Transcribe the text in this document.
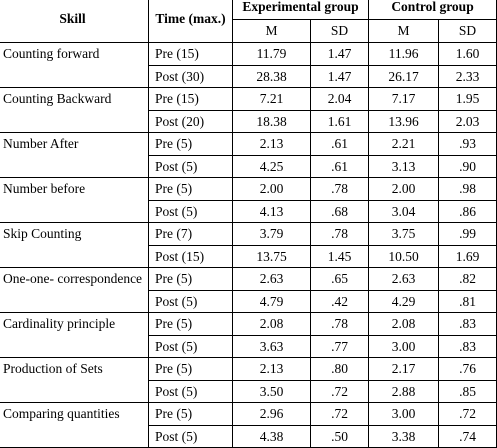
Skill	Time (max.)	Experimental group		Control group	
		M	SD	M	SD
Counting forward	Pre (15)	11.79	1.47	11.96	1.60
	Post (30)	28.38	1.47	26.17	2.33
Counting Backward	Pre (15)	7.21	2.04	7.17	1.95
	Post (20)	18.38	1.61	13.96	2.03
Number After	Pre (5)	2.13	.61	2.21	.93
	Post (5)	4.25	.61	3.13	.90
Number before	Pre (5)	2.00	.78	2.00	.98
	Post (5)	4.13	.68	3.04	.86
Skip Counting	Pre (7)	3.79	.78	3.75	.99
	Post (15)	13.75	1.45	10.50	1.69
One-one- correspondence	Pre (5)	2.63	.65	2.63	.82
	Post (5)	4.79	.42	4.29	.81
Cardinality principle	Pre (5)	2.08	.78	2.08	.83
	Post (5)	3.63	.77	3.00	.83
Production of Sets	Pre (5)	2.13	.80	2.17	.76
	Post (5)	3.50	.72	2.88	.85
Comparing quantities	Pre (5)	2.96	.72	3.00	.72
	Post (5)	4.38	.50	3.38	.74
